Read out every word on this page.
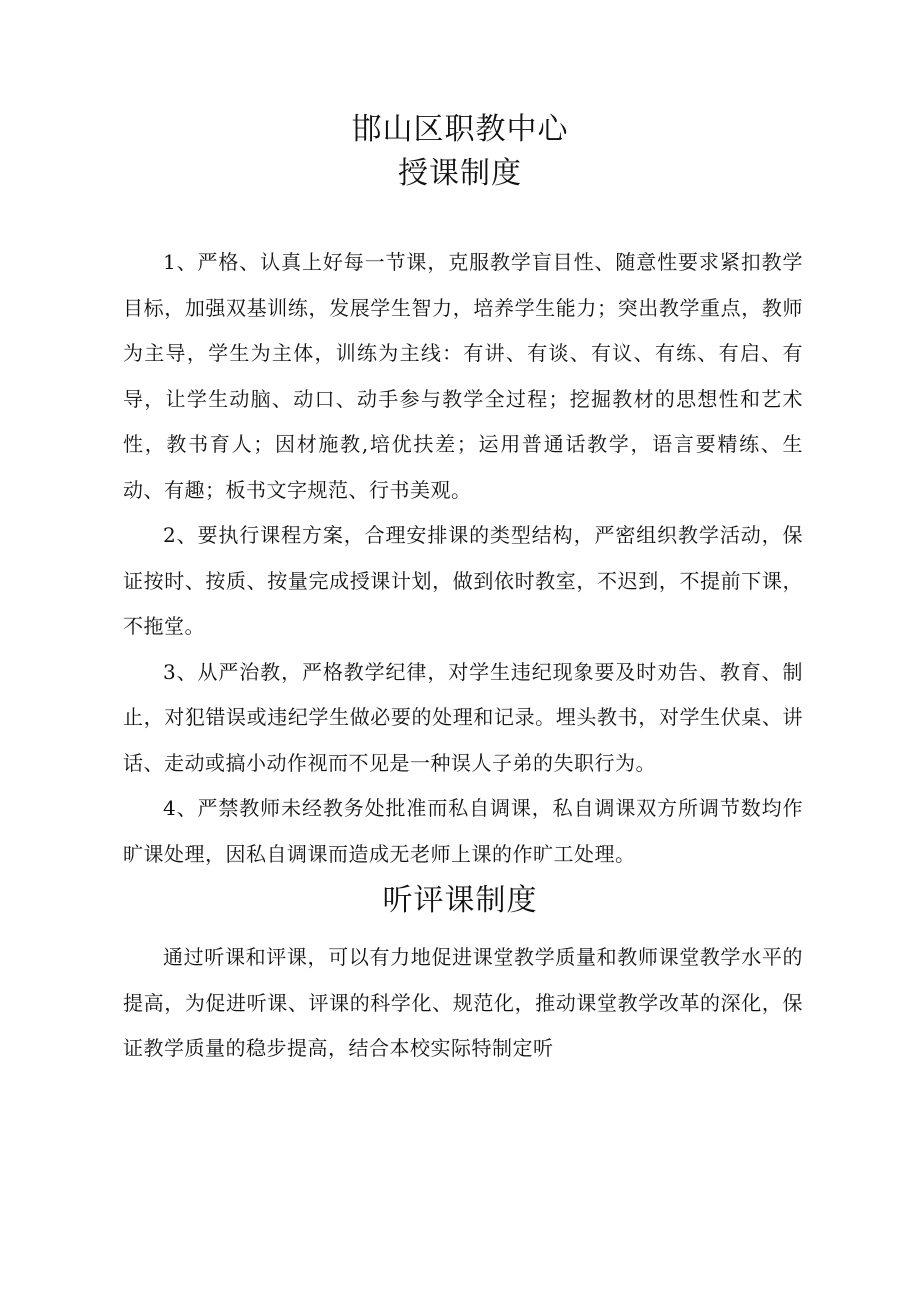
邯山区职教中心
授课制度

1、严格、认真上好每一节课，克服教学盲目性、随意性要求紧扣教学目标，加强双基训练，发展学生智力，培养学生能力；突出教学重点，教师为主导，学生为主体，训练为主线：有讲、有谈、有议、有练、有启、有导，让学生动脑、动口、动手参与教学全过程；挖掘教材的思想性和艺术性，教书育人；因材施教,培优扶差；运用普通话教学，语言要精练、生动、有趣；板书文字规范、行书美观。

2、要执行课程方案，合理安排课的类型结构，严密组织教学活动，保证按时、按质、按量完成授课计划，做到依时教室，不迟到，不提前下课，不拖堂。

3、从严治教，严格教学纪律，对学生违纪现象要及时劝告、教育、制止，对犯错误或违纪学生做必要的处理和记录。埋头教书，对学生伏桌、讲话、走动或搞小动作视而不见是一种误人子弟的失职行为。

4、严禁教师未经教务处批准而私自调课，私自调课双方所调节数均作旷课处理，因私自调课而造成无老师上课的作旷工处理。

听评课制度

通过听课和评课，可以有力地促进课堂教学质量和教师课堂教学水平的提高，为促进听课、评课的科学化、规范化，推动课堂教学改革的深化，保证教学质量的稳步提高，结合本校实际特制定听
